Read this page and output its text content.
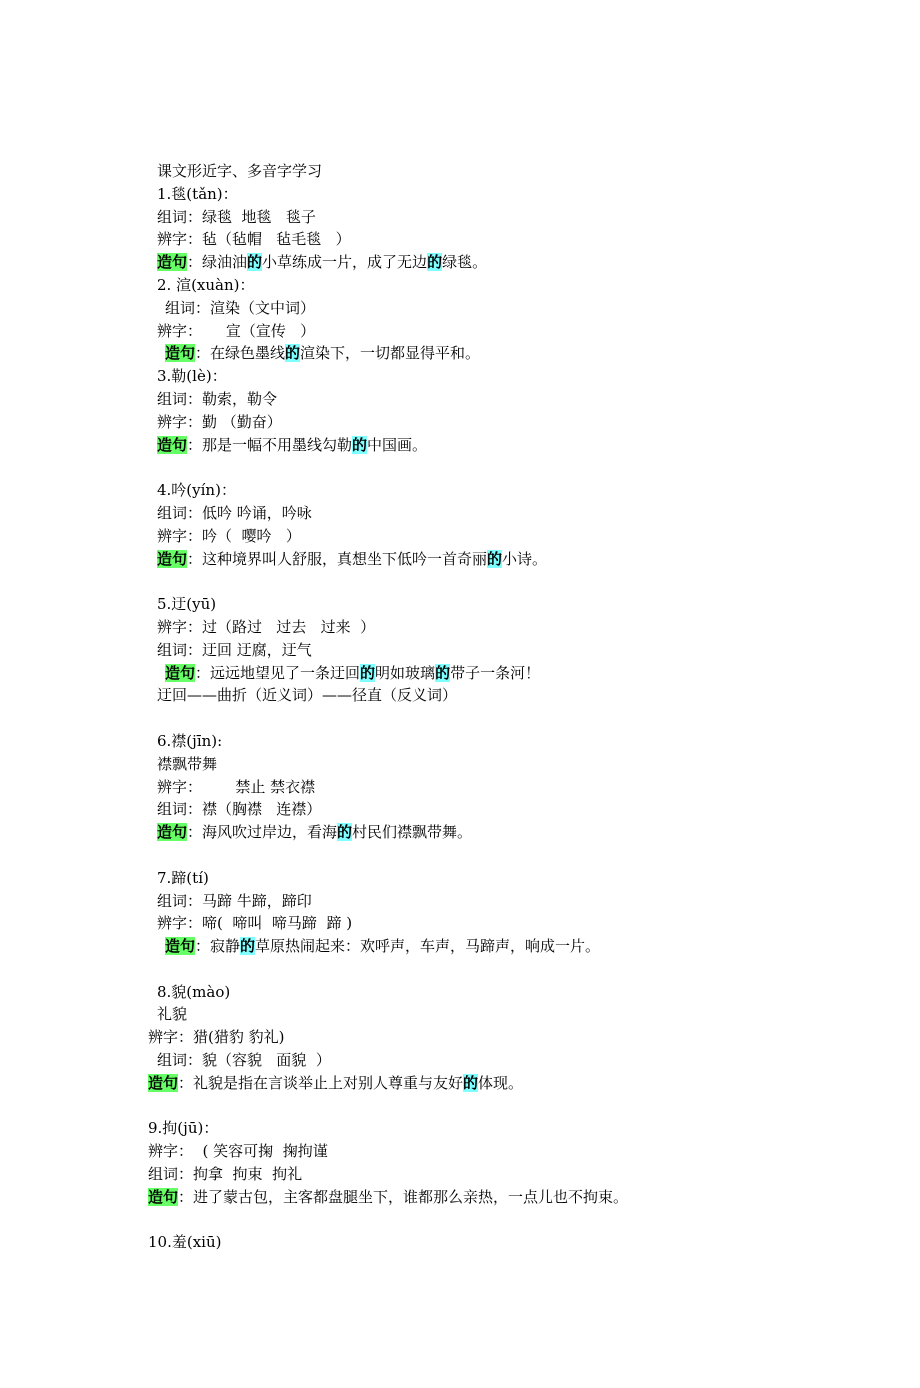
课文形近字、多音字学习
1.毯(tǎn)：
组词：绿毯  地毯   毯子
辨字：毡（毡帽   毡毛毯   ）
造句：绿油油的小草练成一片，成了无边的绿毯。
2. 渲(xuàn)：
组词：渲染（文中词）
辨字：     宣（宣传   ）
造句：在绿色墨线的渲染下，一切都显得平和。
3.勒(lè)：
组词：勒索，勒令
辨字：勤 （勤奋）
造句：那是一幅不用墨线勾勒的中国画。
4.吟(yín)：
组词：低吟 吟诵，吟咏
辨字：吟（  嘤吟   ）
造句：这种境界叫人舒服，真想坐下低吟一首奇丽的小诗。
5.迂(yū)
辨字：过（路过   过去   过来  ）
组词：迂回 迂腐，迂气
造句：远远地望见了一条迂回的明如玻璃的带子一条河！
迂回——曲折（近义词）——径直（反义词）
6.襟(jīn):
襟飘带舞
辨字：       禁止 禁衣襟
组词：襟（胸襟   连襟）
造句：海风吹过岸边，看海的村民们襟飘带舞。
7.蹄(tí)
组词：马蹄 牛蹄，蹄印
辨字：啼(  啼叫  啼马蹄  蹄 )
造句：寂静的草原热闹起来：欢呼声，车声，马蹄声，响成一片。
8.貌(mào)
礼貌
辨字：猎(猎豹 豹礼)
组词：貌（容貌   面貌  ）
造句：礼貌是指在言谈举止上对别人尊重与友好的体现。
9.拘(jū)：
辨字：  ( 笑容可掬  掬拘谨
组词：拘拿  拘束  拘礼
造句：进了蒙古包，主客都盘腿坐下，谁都那么亲热，一点儿也不拘束。
10.羞(xiū)
